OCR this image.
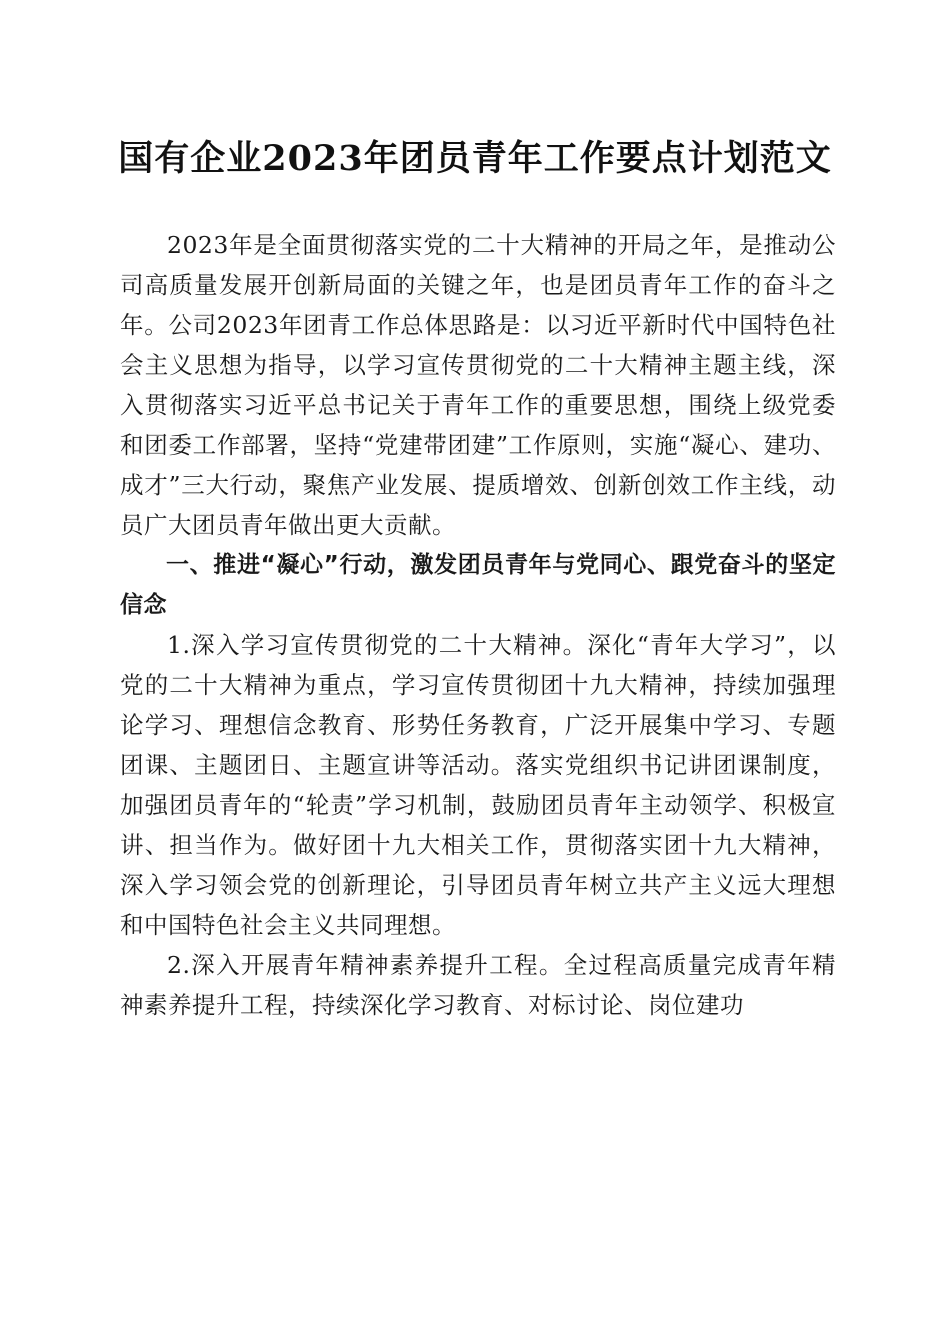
国有企业2023年团员青年工作要点计划范文

2023年是全面贯彻落实党的二十大精神的开局之年，是推动公司高质量发展开创新局面的关键之年，也是团员青年工作的奋斗之年。公司2023年团青工作总体思路是：以习近平新时代中国特色社会主义思想为指导，以学习宣传贯彻党的二十大精神主题主线，深入贯彻落实习近平总书记关于青年工作的重要思想，围绕上级党委和团委工作部署，坚持“党建带团建”工作原则，实施“凝心、建功、成才”三大行动，聚焦产业发展、提质增效、创新创效工作主线，动员广大团员青年做出更大贡献。

一、推进“凝心”行动，激发团员青年与党同心、跟党奋斗的坚定信念

1.深入学习宣传贯彻党的二十大精神。深化“青年大学习”，以党的二十大精神为重点，学习宣传贯彻团十九大精神，持续加强理论学习、理想信念教育、形势任务教育，广泛开展集中学习、专题团课、主题团日、主题宣讲等活动。落实党组织书记讲团课制度，加强团员青年的“轮责”学习机制，鼓励团员青年主动领学、积极宣讲、担当作为。做好团十九大相关工作，贯彻落实团十九大精神，深入学习领会党的创新理论，引导团员青年树立共产主义远大理想和中国特色社会主义共同理想。

2.深入开展青年精神素养提升工程。全过程高质量完成青年精神素养提升工程，持续深化学习教育、对标讨论、岗位建功
